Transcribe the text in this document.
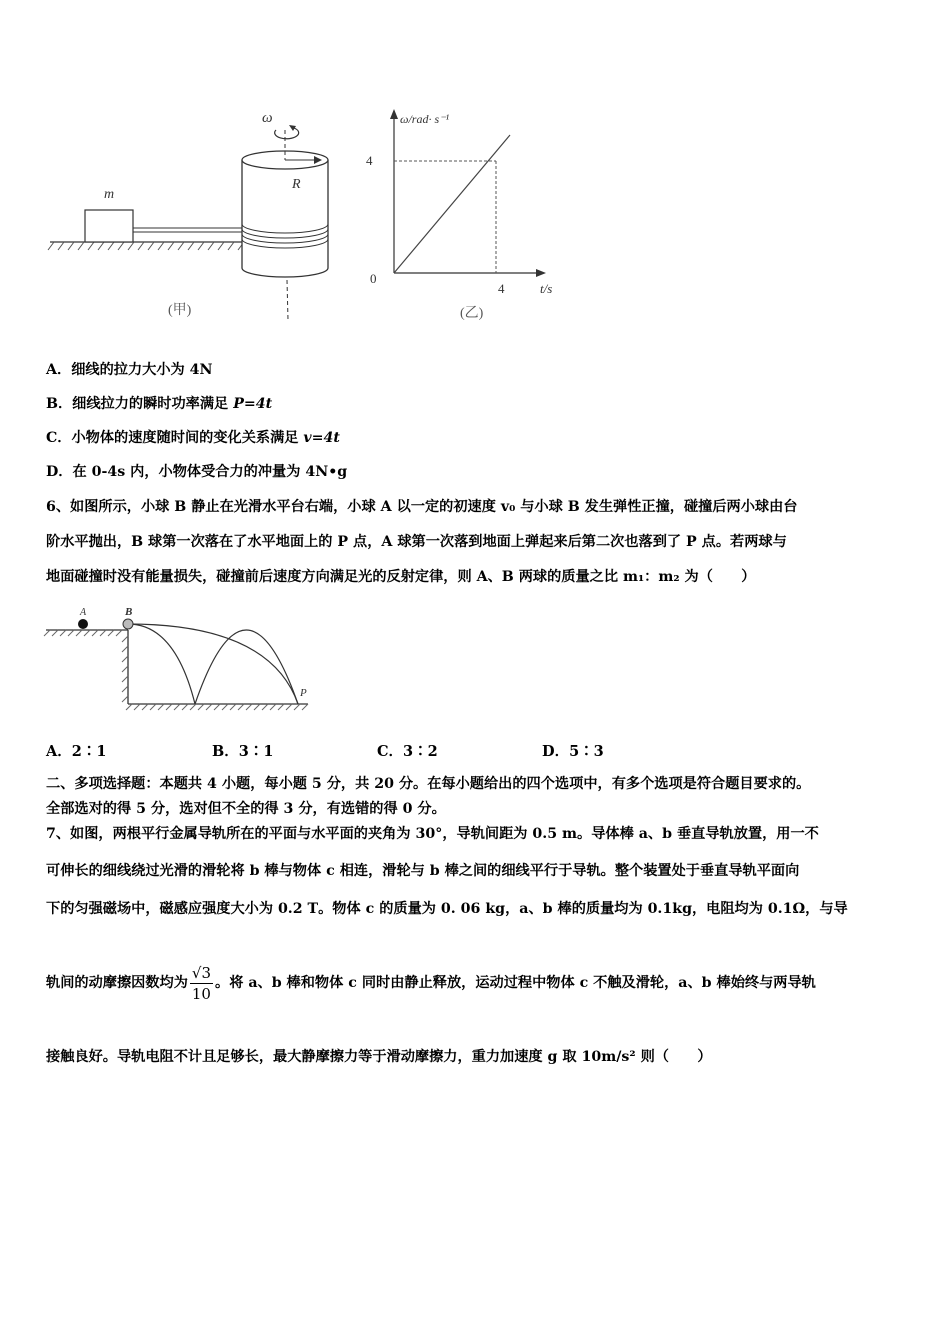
m
ω
R
(甲)
ω/rad· s⁻¹
t/s
4
4
0
(乙)
A．细线的拉力大小为 4N
B．细线拉力的瞬时功率满足 P=4t
C．小物体的速度随时间的变化关系满足 v=4t
D．在 0-4s 内，小物体受合力的冲量为 4N•g
6、如图所示，小球 B 静止在光滑水平台右端，小球 A 以一定的初速度 v₀ 与小球 B 发生弹性正撞，碰撞后两小球由台
阶水平抛出，B 球第一次落在了水平地面上的 P 点，A 球第一次落到地面上弹起来后第二次也落到了 P 点。若两球与
地面碰撞时没有能量损失，碰撞前后速度方向满足光的反射定律，则 A、B 两球的质量之比 m₁：m₂ 为（　　）
A	B
P
A．2∶1	B．3∶1	C．3∶2	D．5∶3
二、多项选择题：本题共 4 小题，每小题 5 分，共 20 分。在每小题给出的四个选项中，有多个选项是符合题目要求的。
全部选对的得 5 分，选对但不全的得 3 分，有选错的得 0 分。
7、如图，两根平行金属导轨所在的平面与水平面的夹角为 30°，导轨间距为 0.5 m。导体棒 a、b 垂直导轨放置，用一不
可伸长的细线绕过光滑的滑轮将 b 棒与物体 c 相连，滑轮与 b 棒之间的细线平行于导轨。整个装置处于垂直导轨平面向
下的匀强磁场中，磁感应强度大小为 0.2 T。物体 c 的质量为 0. 06 kg，a、b 棒的质量均为 0.1kg，电阻均为 0.1Ω，与导
轨间的动摩擦因数均为 $\frac{√3}{10}$ 。将 a、b 棒和物体 c 同时由静止释放，运动过程中物体 c 不触及滑轮，a、b 棒始终与两导轨
接触良好。导轨电阻不计且足够长，最大静摩擦力等于滑动摩擦力，重力加速度 g 取 10m/s² 则（　　）
